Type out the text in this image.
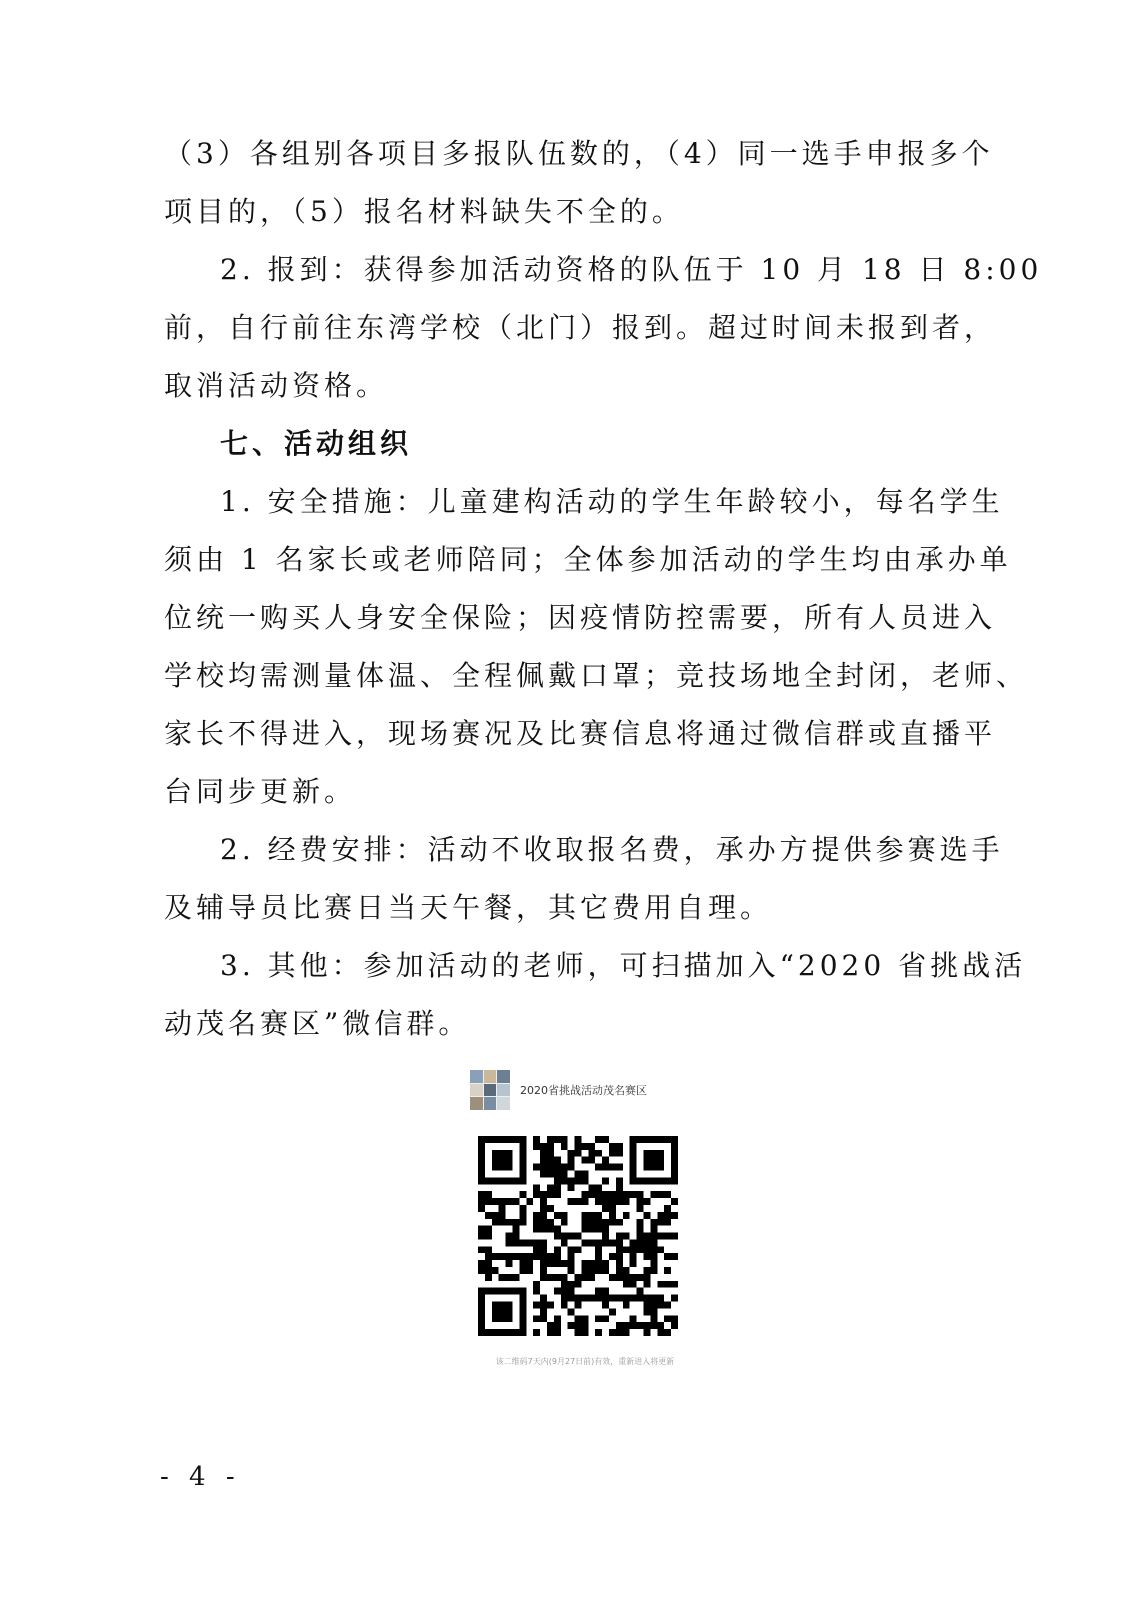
（3）各组别各项目多报队伍数的，（4）同一选手申报多个
项目的，（5）报名材料缺失不全的。
2. 报到：获得参加活动资格的队伍于 10 月 18 日 8:00
前，自行前往东湾学校（北门）报到。超过时间未报到者，
取消活动资格。
七、活动组织
1. 安全措施：儿童建构活动的学生年龄较小，每名学生
须由 1 名家长或老师陪同；全体参加活动的学生均由承办单
位统一购买人身安全保险；因疫情防控需要，所有人员进入
学校均需测量体温、全程佩戴口罩；竞技场地全封闭，老师、
家长不得进入，现场赛况及比赛信息将通过微信群或直播平
台同步更新。
2. 经费安排：活动不收取报名费，承办方提供参赛选手
及辅导员比赛日当天午餐，其它费用自理。
3. 其他：参加活动的老师，可扫描加入“2020 省挑战活
动茂名赛区”微信群。
2020省挑战活动茂名赛区
该二维码7天内(9月27日前)有效，重新进入将更新
- 4 -
